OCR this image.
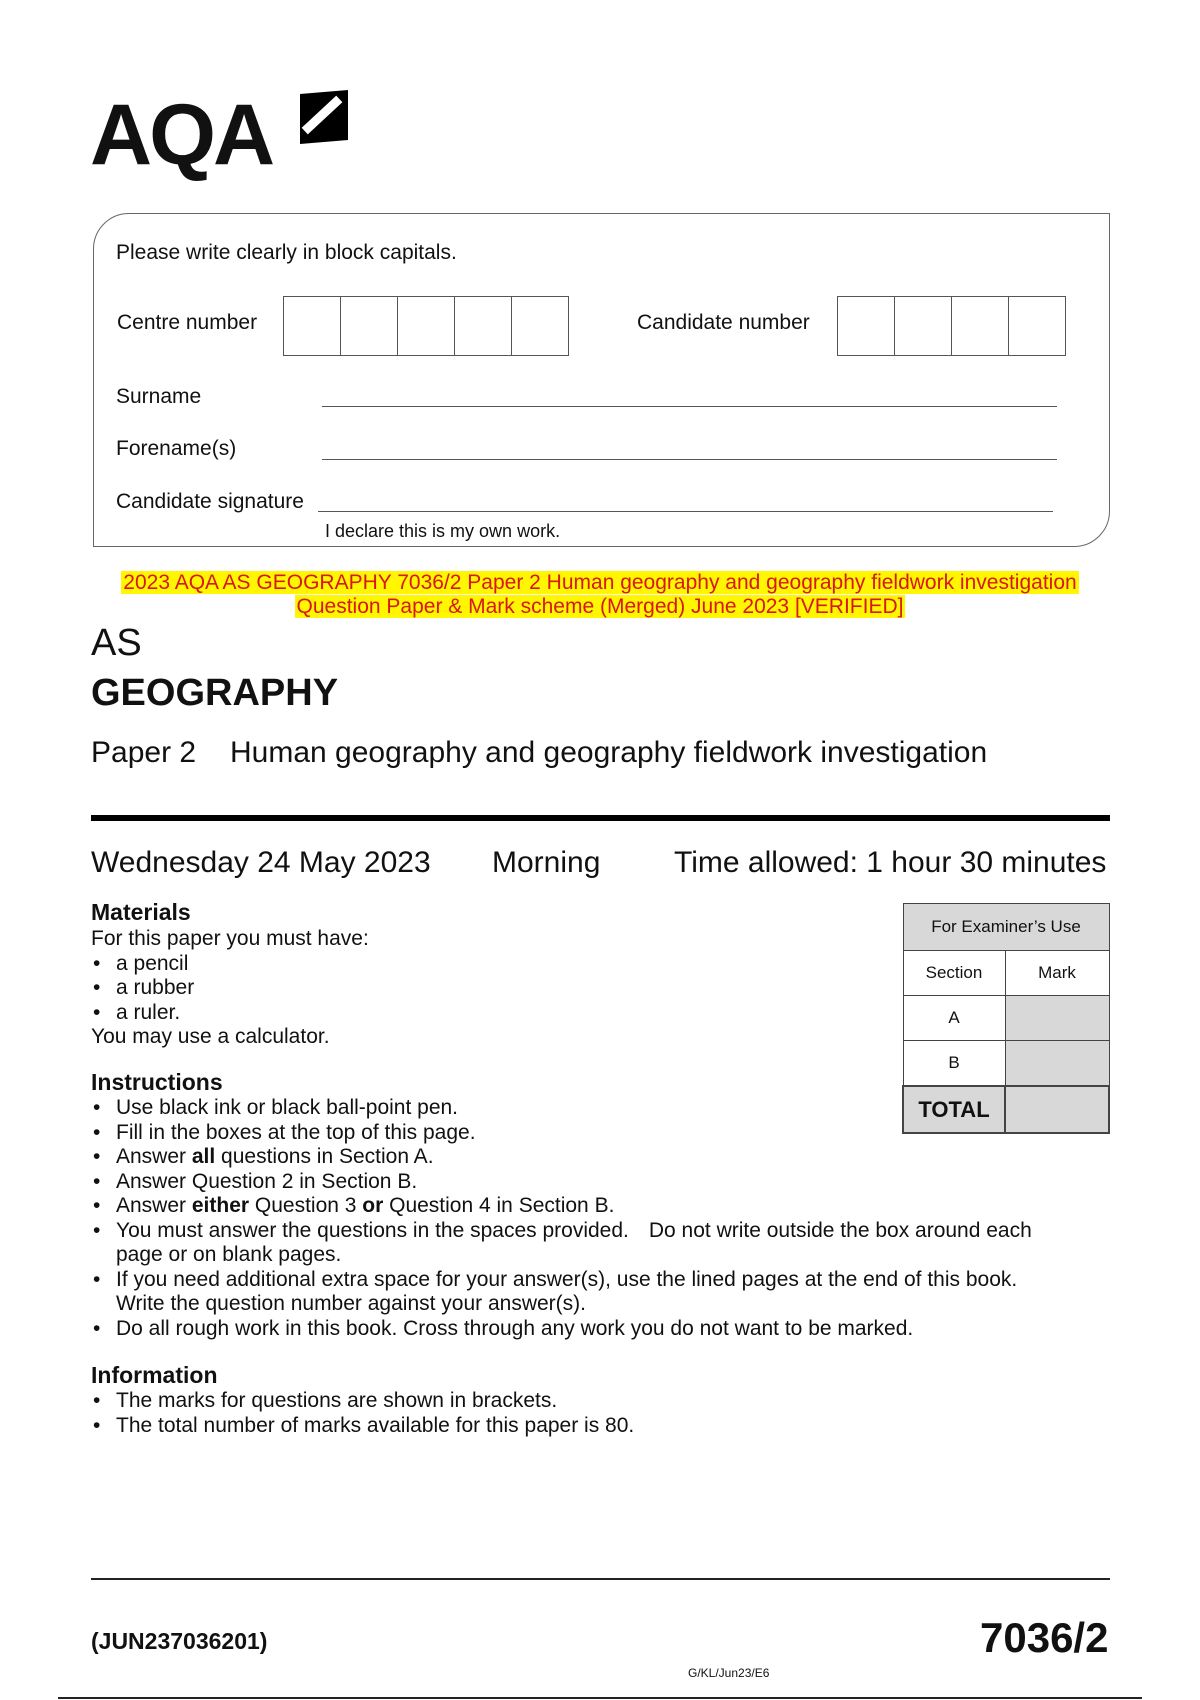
AQA
Please write clearly in block capitals.
Centre number	Candidate number
Surname
Forename(s)
Candidate signature
I declare this is my own work.
2023 AQA AS GEOGRAPHY 7036/2 Paper 2 Human geography and geography fieldwork investigation
Question Paper & Mark scheme (Merged) June 2023 [VERIFIED]
AS
GEOGRAPHY
Paper 2 Human geography and geography fieldwork investigation
Wednesday 24 May 2023 Morning Time allowed: 1 hour 30 minutes
Materials
For this paper you must have:
• a pencil
• a rubber
• a ruler.
You may use a calculator.
For Examiner’s Use	
Section	Mark
A	
B	
TOTAL	
Instructions
• Use black ink or black ball-point pen.
• Fill in the boxes at the top of this page.
• Answer all questions in Section A.
• Answer Question 2 in Section B.
• Answer either Question 3 or Question 4 in Section B.
• You must answer the questions in the spaces provided. Do not write outside the box around each
page or on blank pages.
• If you need additional extra space for your answer(s), use the lined pages at the end of this book.
Write the question number against your answer(s).
• Do all rough work in this book. Cross through any work you do not want to be marked.
Information
• The marks for questions are shown in brackets.
• The total number of marks available for this paper is 80.
(JUN237036201)	7036/2
G/KL/Jun23/E6
